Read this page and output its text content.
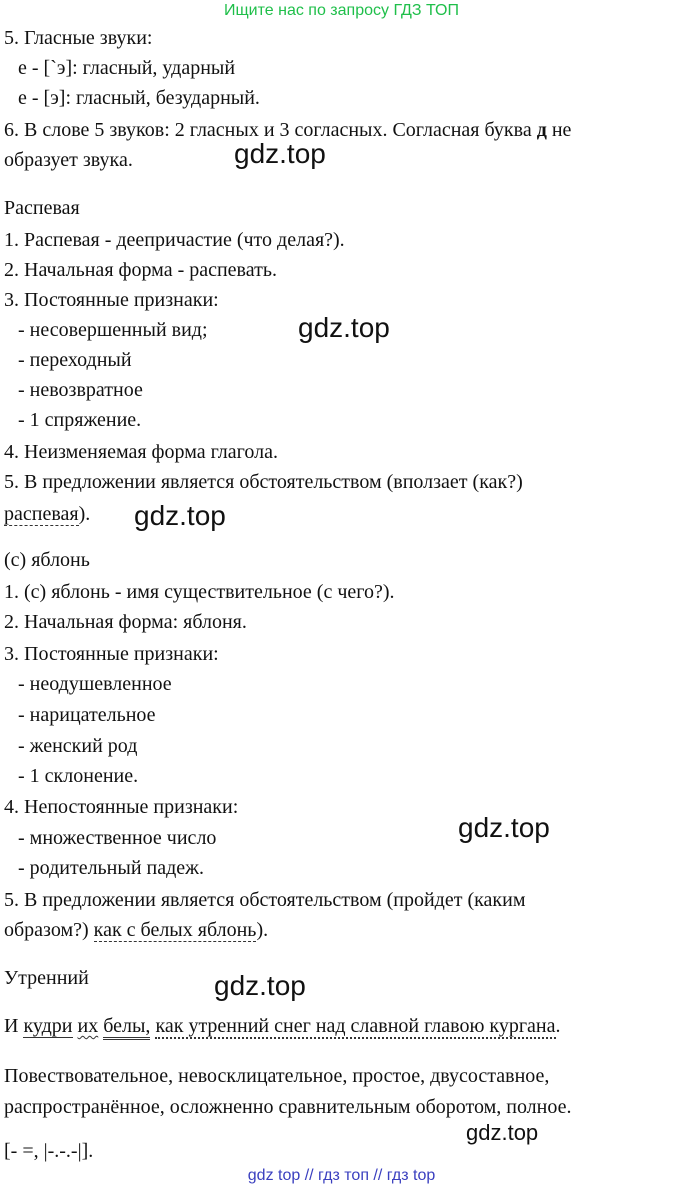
Ищите нас по запросу ГДЗ ТОП
5. Гласные звуки:
е - [`э]: гласный, ударный
е - [э]: гласный, безударный.
6. В слове 5 звуков: 2 гласных и 3 согласных. Согласная буква д не
образует звука.	gdz.top
Распевая
1. Распевая - деепричастие (что делая?).
2. Начальная форма - распевать.
3. Постоянные признаки:
- несовершенный вид;
- переходный
- невозвратное
- 1 спряжение.
4. Неизменяемая форма глагола.
5. В предложении является обстоятельством (вползает (как?)
распевая).
gdz.top
gdz.top
(с) яблонь
1. (с) яблонь - имя существительное (с чего?).
2. Начальная форма: яблоня.
3. Постоянные признаки:
- неодушевленное
- нарицательное
- женский род
- 1 склонение.
4. Непостоянные признаки:
- множественное число
- родительный падеж.
5. В предложении является обстоятельством (пройдет (каким
образом?) как с белых яблонь).
gdz.top
Утренний	gdz.top
И кудри их белы, как утренний снег над славной главою кургана.
Повествовательное, невосклицательное, простое, двусоставное,
распространённое, осложненно сравнительным оборотом, полное.
[- =, |-.-.-|].
gdz.top
gdz top // гдз топ // гдз top
